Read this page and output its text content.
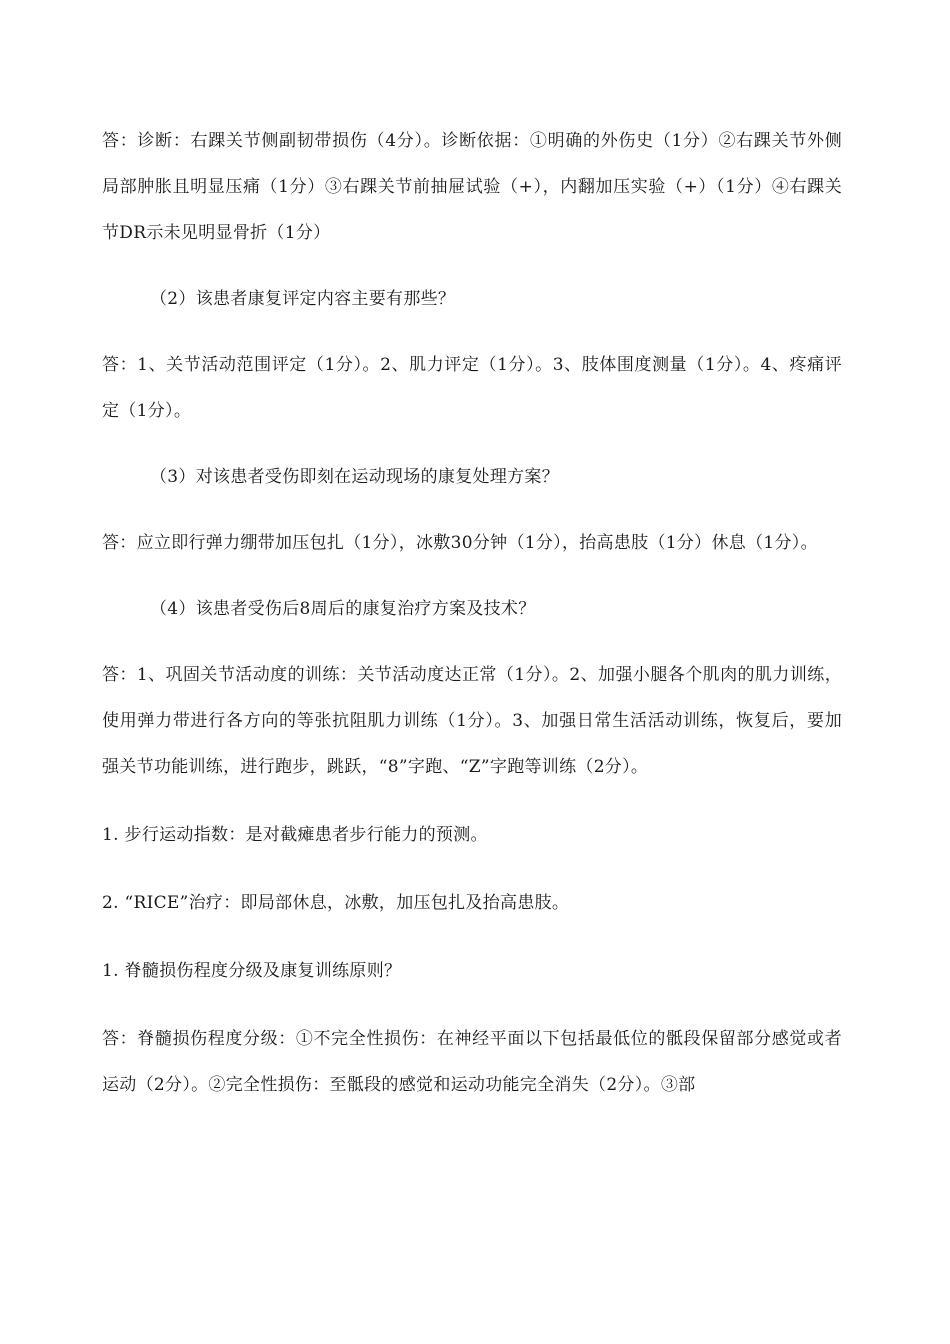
答：诊断：右踝关节侧副韧带损伤（4分）。诊断依据：①明确的外伤史（1分）②右踝关节外侧局部肿胀且明显压痛（1分）③右踝关节前抽屉试验（+），内翻加压实验（+）（1分）④右踝关节DR示未见明显骨折（1分）

（2）该患者康复评定内容主要有那些？

答：1、关节活动范围评定（1分）。2、肌力评定（1分）。3、肢体围度测量（1分）。4、疼痛评定（1分）。

（3）对该患者受伤即刻在运动现场的康复处理方案？

答：应立即行弹力绷带加压包扎（1分），冰敷30分钟（1分），抬高患肢（1分）休息（1分）。

（4）该患者受伤后8周后的康复治疗方案及技术？

答：1、巩固关节活动度的训练：关节活动度达正常（1分）。2、加强小腿各个肌肉的肌力训练，使用弹力带进行各方向的等张抗阻肌力训练（1分）。3、加强日常生活活动训练，恢复后，要加强关节功能训练，进行跑步，跳跃，“8”字跑、“Z”字跑等训练（2分）。

1. 步行运动指数：是对截瘫患者步行能力的预测。

2. “RICE”治疗：即局部休息，冰敷，加压包扎及抬高患肢。

1. 脊髓损伤程度分级及康复训练原则？

答：脊髓损伤程度分级：①不完全性损伤：在神经平面以下包括最低位的骶段保留部分感觉或者运动（2分）。②完全性损伤：至骶段的感觉和运动功能完全消失（2分）。③部
